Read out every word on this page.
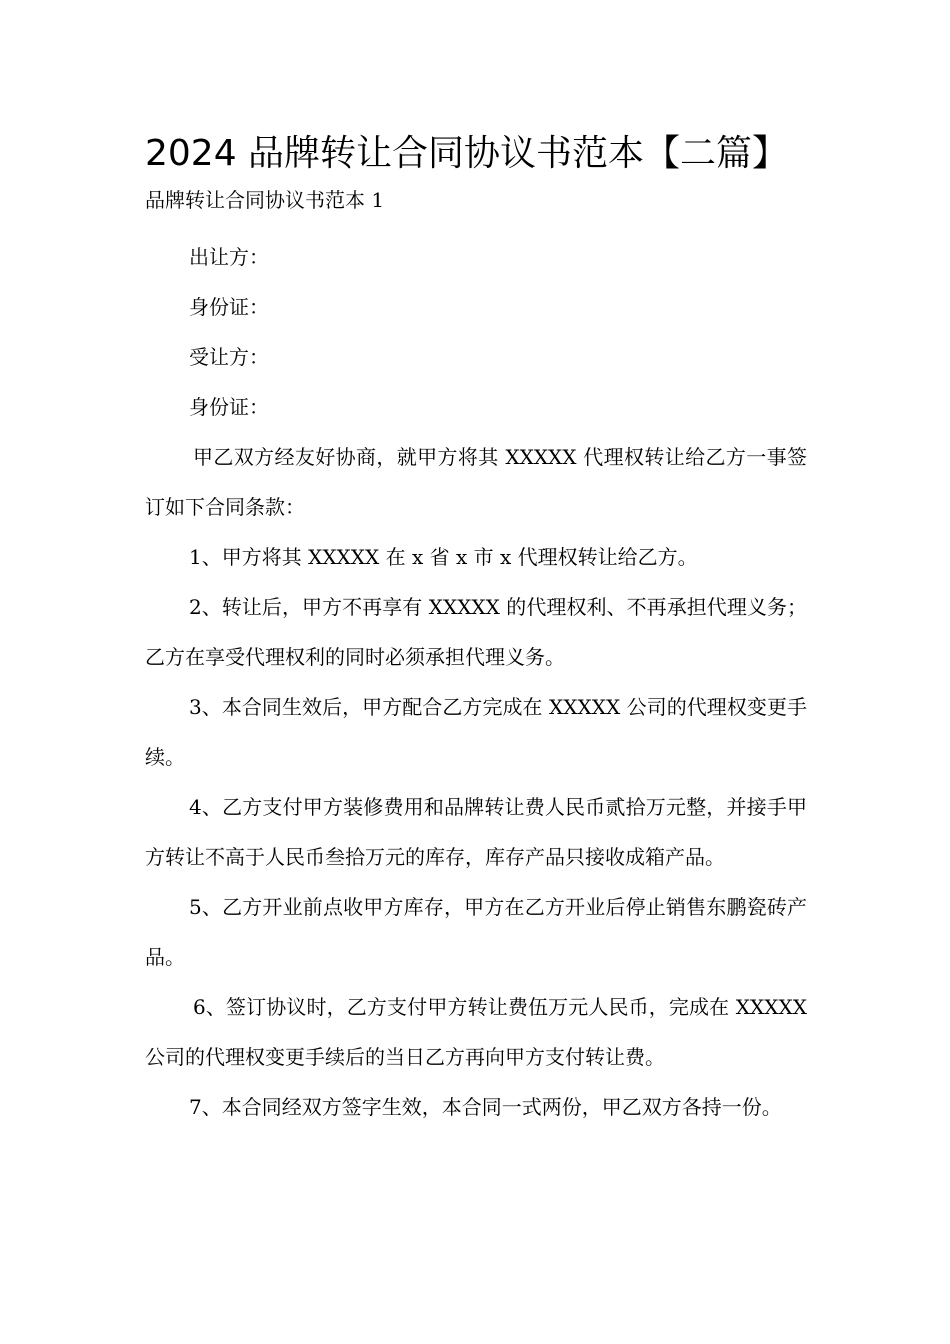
2024 品牌转让合同协议书范本【二篇】
品牌转让合同协议书范本 1

出让方：

身份证：

受让方：

身份证：

甲乙双方经友好协商，就甲方将其 XXXXX 代理权转让给乙方一事签订如下合同条款：

1、甲方将其 XXXXX 在 x 省 x 市 x 代理权转让给乙方。

2、转让后，甲方不再享有 XXXXX 的代理权利、不再承担代理义务；乙方在享受代理权利的同时必须承担代理义务。

3、本合同生效后，甲方配合乙方完成在 XXXXX 公司的代理权变更手续。

4、乙方支付甲方装修费用和品牌转让费人民币贰拾万元整，并接手甲方转让不高于人民币叁拾万元的库存，库存产品只接收成箱产品。

5、乙方开业前点收甲方库存，甲方在乙方开业后停止销售东鹏瓷砖产品。

6、签订协议时，乙方支付甲方转让费伍万元人民币，完成在 XXXXX 公司的代理权变更手续后的当日乙方再向甲方支付转让费。

7、本合同经双方签字生效，本合同一式两份，甲乙双方各持一份。
